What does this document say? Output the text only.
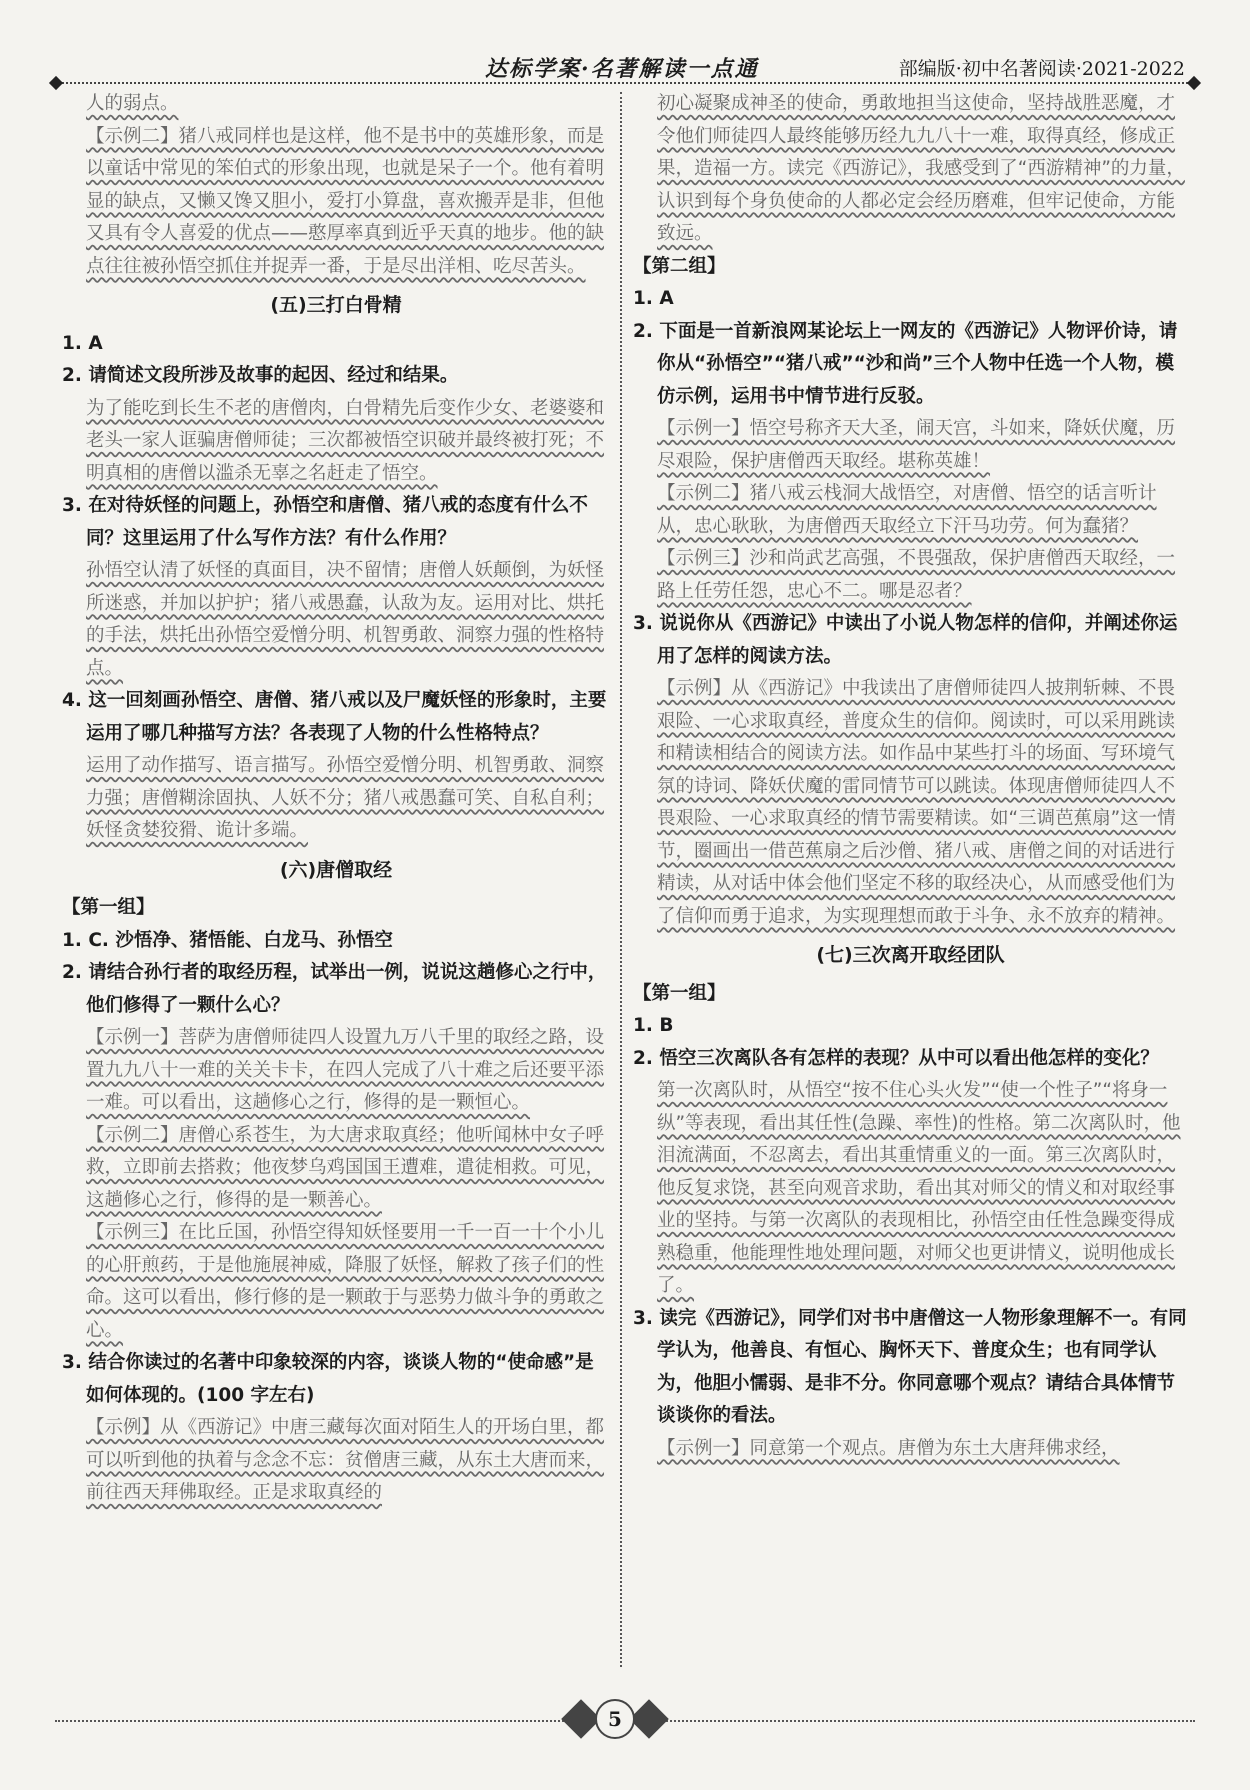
达标学案·名著解读一点通	部编版·初中名著阅读·2021-2022
人的弱点。
【示例二】猪八戒同样也是这样，他不是书中的英雄形象，而是以童话中常见的笨伯式的形象出现，也就是呆子一个。他有着明显的缺点，又懒又馋又胆小，爱打小算盘，喜欢搬弄是非，但他又具有令人喜爱的优点——憨厚率真到近乎天真的地步。他的缺点往往被孙悟空抓住并捉弄一番，于是尽出洋相、吃尽苦头。
(五)三打白骨精
1. A
2. 请简述文段所涉及故事的起因、经过和结果。
为了能吃到长生不老的唐僧肉，白骨精先后变作少女、老婆婆和老头一家人诓骗唐僧师徒；三次都被悟空识破并最终被打死；不明真相的唐僧以滥杀无辜之名赶走了悟空。
3. 在对待妖怪的问题上，孙悟空和唐僧、猪八戒的态度有什么不同？这里运用了什么写作方法？有什么作用？
孙悟空认清了妖怪的真面目，决不留情；唐僧人妖颠倒，为妖怪所迷惑，并加以护护；猪八戒愚蠢，认敌为友。运用对比、烘托的手法，烘托出孙悟空爱憎分明、机智勇敢、洞察力强的性格特点。
4. 这一回刻画孙悟空、唐僧、猪八戒以及尸魔妖怪的形象时，主要运用了哪几种描写方法？各表现了人物的什么性格特点？
运用了动作描写、语言描写。孙悟空爱憎分明、机智勇敢、洞察力强；唐僧糊涂固执、人妖不分；猪八戒愚蠢可笑、自私自利；妖怪贪婪狡猾、诡计多端。
(六)唐僧取经
【第一组】
1. C. 沙悟净、猪悟能、白龙马、孙悟空
2. 请结合孙行者的取经历程，试举出一例，说说这趟修心之行中，他们修得了一颗什么心？
【示例一】菩萨为唐僧师徒四人设置九万八千里的取经之路，设置九九八十一难的关关卡卡，在四人完成了八十难之后还要平添一难。可以看出，这趟修心之行，修得的是一颗恒心。
【示例二】唐僧心系苍生，为大唐求取真经；他听闻林中女子呼救，立即前去搭救；他夜梦乌鸡国国王遭难，遣徒相救。可见，这趟修心之行，修得的是一颗善心。
【示例三】在比丘国，孙悟空得知妖怪要用一千一百一十个小儿的心肝煎药，于是他施展神威，降服了妖怪，解救了孩子们的性命。这可以看出，修行修的是一颗敢于与恶势力做斗争的勇敢之心。
3. 结合你读过的名著中印象较深的内容，谈谈人物的“使命感”是如何体现的。(100 字左右)
【示例】从《西游记》中唐三藏每次面对陌生人的开场白里，都可以听到他的执着与念念不忘：贫僧唐三藏，从东土大唐而来，前往西天拜佛取经。正是求取真经的
初心凝聚成神圣的使命，勇敢地担当这使命，坚持战胜恶魔，才令他们师徒四人最终能够历经九九八十一难，取得真经，修成正果，造福一方。读完《西游记》，我感受到了“西游精神”的力量，认识到每个身负使命的人都必定会经历磨难，但牢记使命，方能致远。
【第二组】
1. A
2. 下面是一首新浪网某论坛上一网友的《西游记》人物评价诗，请你从“孙悟空”“猪八戒”“沙和尚”三个人物中任选一个人物，模仿示例，运用书中情节进行反驳。
【示例一】悟空号称齐天大圣，闹天宫，斗如来，降妖伏魔，历尽艰险，保护唐僧西天取经。堪称英雄！
【示例二】猪八戒云栈洞大战悟空，对唐僧、悟空的话言听计从，忠心耿耿，为唐僧西天取经立下汗马功劳。何为蠢猪？
【示例三】沙和尚武艺高强，不畏强敌，保护唐僧西天取经，一路上任劳任怨，忠心不二。哪是忍者？
3. 说说你从《西游记》中读出了小说人物怎样的信仰，并阐述你运用了怎样的阅读方法。
【示例】从《西游记》中我读出了唐僧师徒四人披荆斩棘、不畏艰险、一心求取真经，普度众生的信仰。阅读时，可以采用跳读和精读相结合的阅读方法。如作品中某些打斗的场面、写环境气氛的诗词、降妖伏魔的雷同情节可以跳读。体现唐僧师徒四人不畏艰险、一心求取真经的情节需要精读。如“三调芭蕉扇”这一情节，圈画出一借芭蕉扇之后沙僧、猪八戒、唐僧之间的对话进行精读，从对话中体会他们坚定不移的取经决心，从而感受他们为了信仰而勇于追求，为实现理想而敢于斗争、永不放弃的精神。
(七)三次离开取经团队
【第一组】
1. B
2. 悟空三次离队各有怎样的表现？从中可以看出他怎样的变化？
第一次离队时，从悟空“按不住心头火发”“使一个性子”“将身一纵”等表现，看出其任性(急躁、率性)的性格。第二次离队时，他泪流满面，不忍离去，看出其重情重义的一面。第三次离队时，他反复求饶，甚至向观音求助，看出其对师父的情义和对取经事业的坚持。与第一次离队的表现相比，孙悟空由任性急躁变得成熟稳重，他能理性地处理问题，对师父也更讲情义，说明他成长了。
3. 读完《西游记》，同学们对书中唐僧这一人物形象理解不一。有同学认为，他善良、有恒心、胸怀天下、普度众生；也有同学认为，他胆小懦弱、是非不分。你同意哪个观点？请结合具体情节谈谈你的看法。
【示例一】同意第一个观点。唐僧为东土大唐拜佛求经，
5
